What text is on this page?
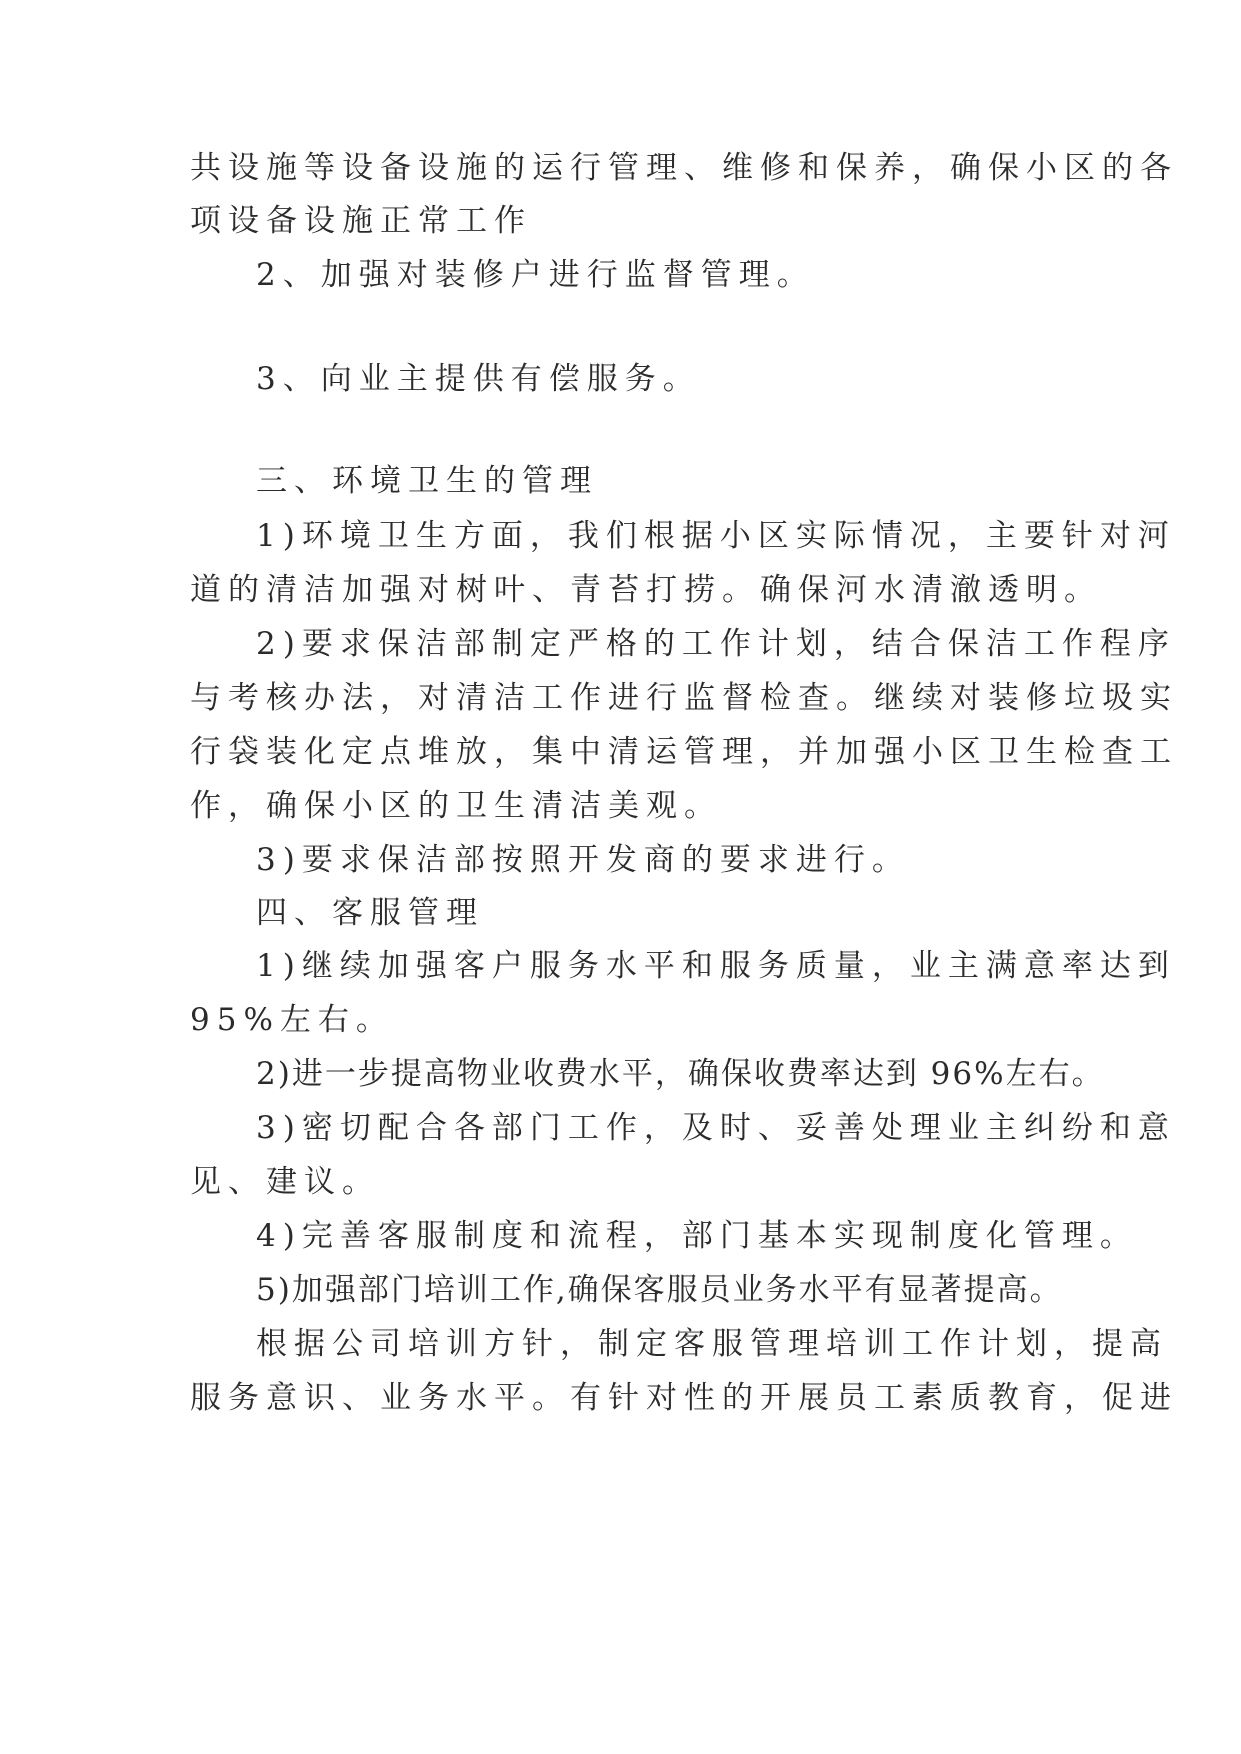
共设施等设备设施的运行管理、维修和保养，确保小区的各

项设备设施正常工作

2、加强对装修户进行监督管理。

3、向业主提供有偿服务。

三、环境卫生的管理

1)环境卫生方面，我们根据小区实际情况，主要针对河

道的清洁加强对树叶、青苔打捞。确保河水清澈透明。

2)要求保洁部制定严格的工作计划，结合保洁工作程序

与考核办法，对清洁工作进行监督检查。继续对装修垃圾实

行袋装化定点堆放，集中清运管理，并加强小区卫生检查工

作，确保小区的卫生清洁美观。

3)要求保洁部按照开发商的要求进行。

四、客服管理

1)继续加强客户服务水平和服务质量，业主满意率达到

95%左右。

2)进一步提高物业收费水平，确保收费率达到 96%左右。

3)密切配合各部门工作，及时、妥善处理业主纠纷和意

见、建议。

4)完善客服制度和流程，部门基本实现制度化管理。

5)加强部门培训工作,确保客服员业务水平有显著提高。

根据公司培训方针，制定客服管理培训工作计划，提高

服务意识、业务水平。有针对性的开展员工素质教育，促进
